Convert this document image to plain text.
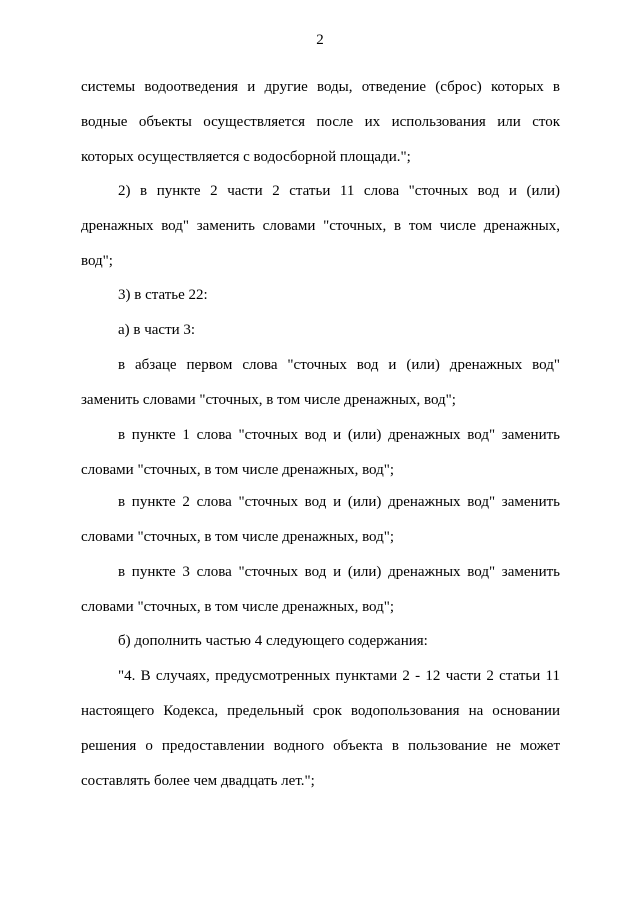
2
системы водоотведения и другие воды, отведение (сброс) которых в
водные объекты осуществляется после их использования или сток
которых осуществляется с водосборной площади.";
2) в пункте 2 части 2 статьи 11 слова "сточных вод и (или)
дренажных вод" заменить словами "сточных, в том числе дренажных,
вод";
3) в статье 22:
а) в части 3:
в абзаце первом слова "сточных вод и (или) дренажных вод"
заменить словами "сточных, в том числе дренажных, вод";
в пункте 1 слова "сточных вод и (или) дренажных вод" заменить
словами "сточных, в том числе дренажных, вод";
в пункте 2 слова "сточных вод и (или) дренажных вод" заменить
словами "сточных, в том числе дренажных, вод";
в пункте 3 слова "сточных вод и (или) дренажных вод" заменить
словами "сточных, в том числе дренажных, вод";
б) дополнить частью 4 следующего содержания:
"4. В случаях, предусмотренных пунктами 2 - 12 части 2 статьи 11
настоящего Кодекса, предельный срок водопользования на основании
решения о предоставлении водного объекта в пользование не может
составлять более чем двадцать лет.";
